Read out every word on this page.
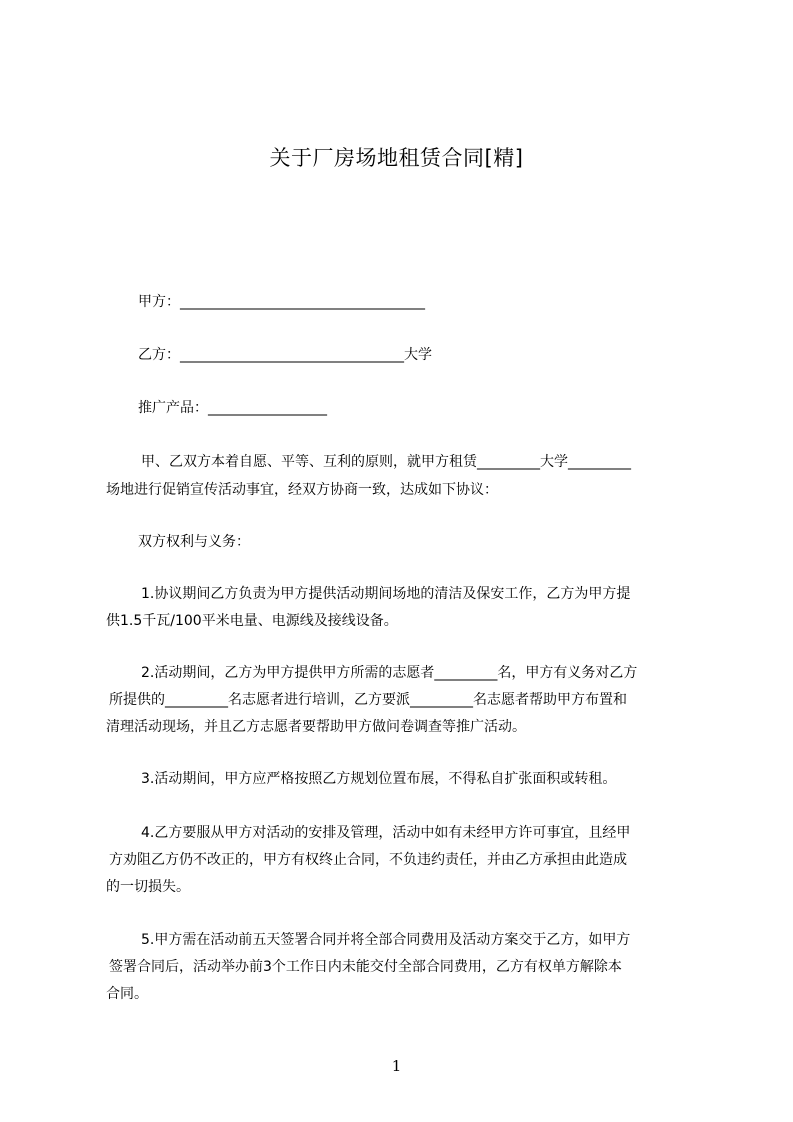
关于厂房场地租赁合同[精]
甲方：___________________________________
乙方：________________________________大学
推广产品：_________________
甲、乙双方本着自愿、平等、互利的原则，就甲方租赁_________大学_________
场地进行促销宣传活动事宜，经双方协商一致，达成如下协议：
双方权利与义务：
1.协议期间乙方负责为甲方提供活动期间场地的清洁及保安工作，乙方为甲方提
供1.5千瓦/100平米电量、电源线及接线设备。
2.活动期间，乙方为甲方提供甲方所需的志愿者_________名，甲方有义务对乙方
所提供的_________名志愿者进行培训，乙方要派_________名志愿者帮助甲方布置和
清理活动现场，并且乙方志愿者要帮助甲方做问卷调查等推广活动。
3.活动期间，甲方应严格按照乙方规划位置布展，不得私自扩张面积或转租。
4.乙方要服从甲方对活动的安排及管理，活动中如有未经甲方许可事宜，且经甲
方劝阻乙方仍不改正的，甲方有权终止合同，不负违约责任，并由乙方承担由此造成
的一切损失。
5.甲方需在活动前五天签署合同并将全部合同费用及活动方案交于乙方，如甲方
签署合同后，活动举办前3个工作日内未能交付全部合同费用，乙方有权单方解除本
合同。
1
